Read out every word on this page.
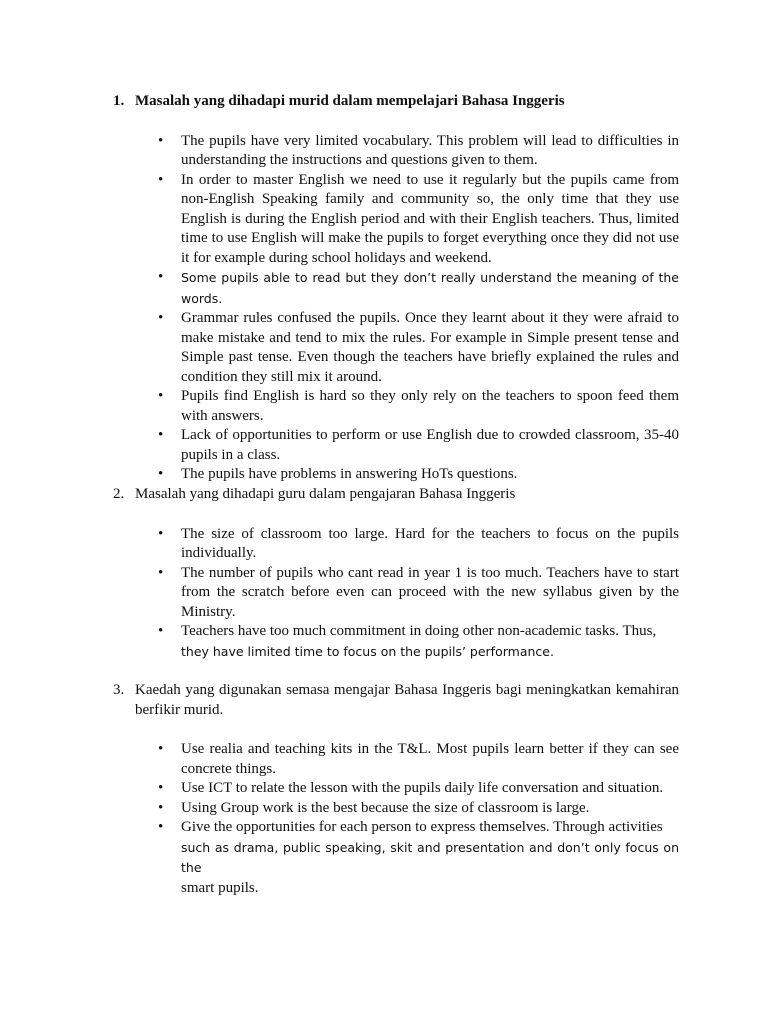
1. Masalah yang dihadapi murid dalam mempelajari Bahasa Inggeris
• The pupils have very limited vocabulary. This problem will lead to difficulties in understanding the instructions and questions given to them.
• In order to master English we need to use it regularly but the pupils came from non-English Speaking family and community so, the only time that they use English is during the English period and with their English teachers. Thus, limited time to use English will make the pupils to forget everything once they did not use it for example during school holidays and weekend.
• Some pupils able to read but they don’t really understand the meaning of the words.
• Grammar rules confused the pupils. Once they learnt about it they were afraid to make mistake and tend to mix the rules. For example in Simple present tense and Simple past tense. Even though the teachers have briefly explained the rules and condition they still mix it around.
• Pupils find English is hard so they only rely on the teachers to spoon feed them with answers.
• Lack of opportunities to perform or use English due to crowded classroom, 35-40 pupils in a class.
• The pupils have problems in answering HoTs questions.
2. Masalah yang dihadapi guru dalam pengajaran Bahasa Inggeris
• The size of classroom too large. Hard for the teachers to focus on the pupils individually.
• The number of pupils who cant read in year 1 is too much. Teachers have to start from the scratch before even can proceed with the new syllabus given by the Ministry.
• Teachers have too much commitment in doing other non-academic tasks. Thus,
they have limited time to focus on the pupils’ performance.
3. Kaedah yang digunakan semasa mengajar Bahasa Inggeris bagi meningkatkan kemahiran berfikir murid.
• Use realia and teaching kits in the T&L. Most pupils learn better if they can see concrete things.
• Use ICT to relate the lesson with the pupils daily life conversation and situation.
• Using Group work is the best because the size of classroom is large.
• Give the opportunities for each person to express themselves. Through activities
such as drama, public speaking, skit and presentation and don’t only focus on the
smart pupils.
